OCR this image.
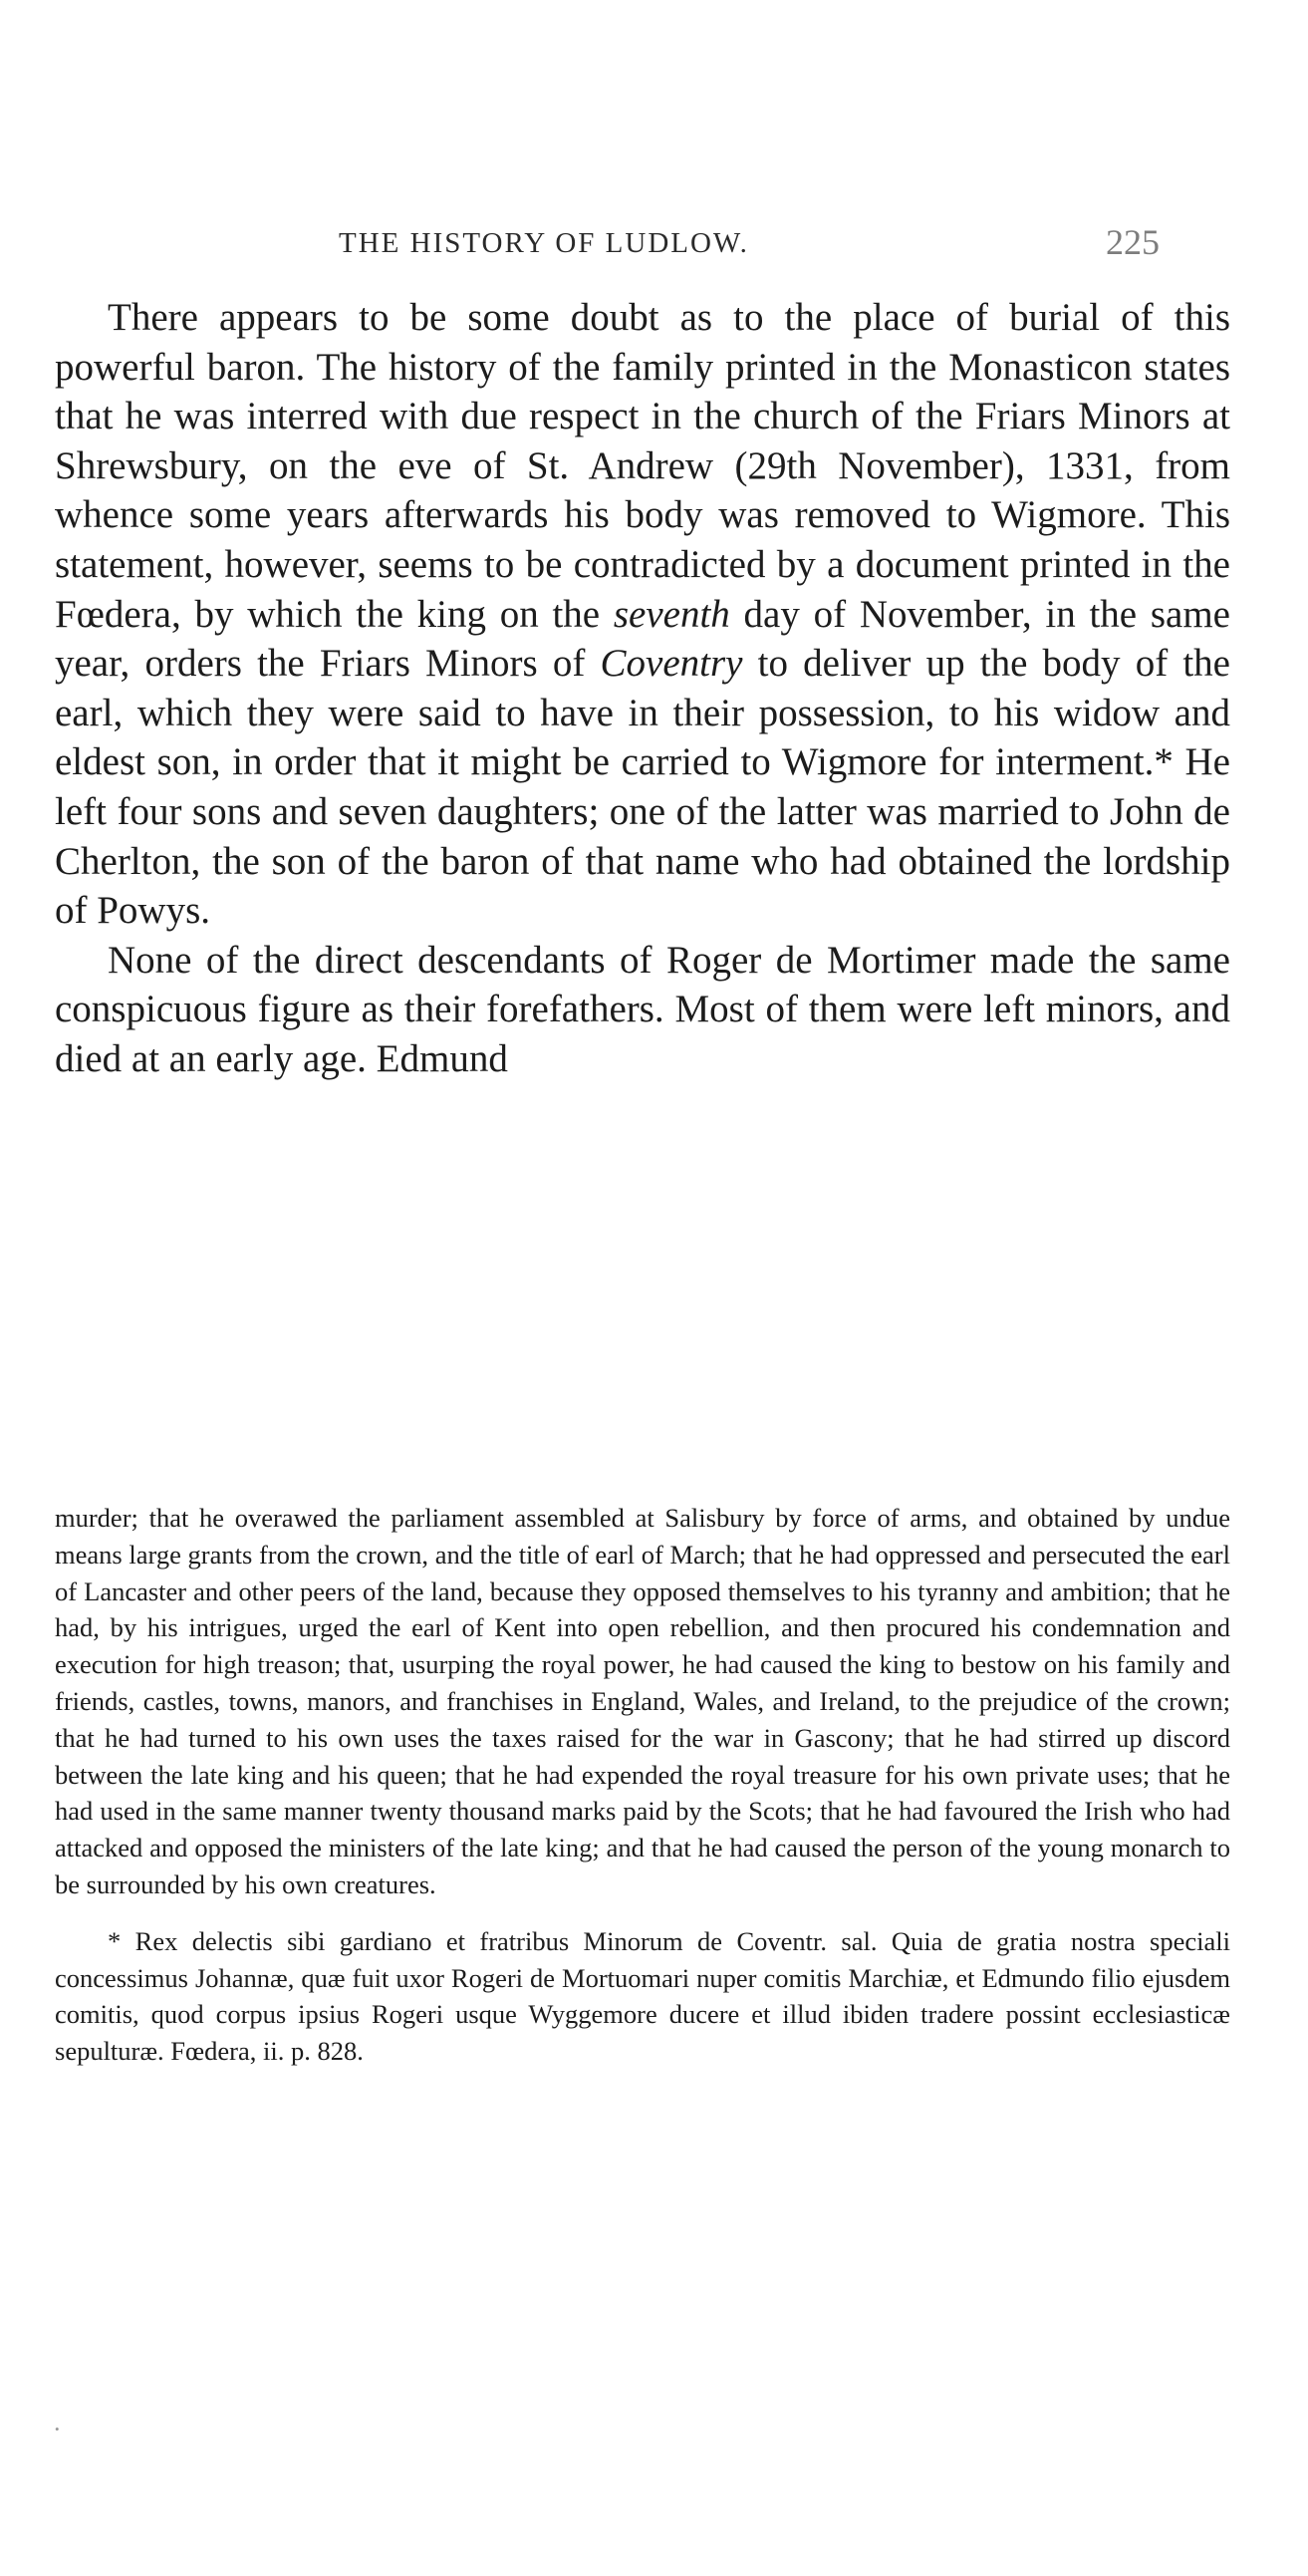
THE HISTORY OF LUDLOW.	225

There appears to be some doubt as to the place of burial of this powerful baron. The history of the family printed in the Monasticon states that he was interred with due respect in the church of the Friars Minors at Shrewsbury, on the eve of St. Andrew (29th November), 1331, from whence some years afterwards his body was removed to Wigmore. This statement, however, seems to be contradicted by a document printed in the Fœdera, by which the king on the seventh day of November, in the same year, orders the Friars Minors of Coventry to deliver up the body of the earl, which they were said to have in their possession, to his widow and eldest son, in order that it might be carried to Wigmore for interment.* He left four sons and seven daughters; one of the latter was married to John de Cherlton, the son of the baron of that name who had obtained the lordship of Powys.

None of the direct descendants of Roger de Mortimer made the same conspicuous figure as their forefathers. Most of them were left minors, and died at an early age. Edmund

murder; that he overawed the parliament assembled at Salisbury by force of arms, and obtained by undue means large grants from the crown, and the title of earl of March; that he had oppressed and persecuted the earl of Lancaster and other peers of the land, because they opposed themselves to his tyranny and ambition; that he had, by his intrigues, urged the earl of Kent into open rebellion, and then procured his condemnation and execution for high treason; that, usurping the royal power, he had caused the king to bestow on his family and friends, castles, towns, manors, and franchises in England, Wales, and Ireland, to the prejudice of the crown; that he had turned to his own uses the taxes raised for the war in Gascony; that he had stirred up discord between the late king and his queen; that he had expended the royal treasure for his own private uses; that he had used in the same manner twenty thousand marks paid by the Scots; that he had favoured the Irish who had attacked and opposed the ministers of the late king; and that he had caused the person of the young monarch to be surrounded by his own creatures.

* Rex delectis sibi gardiano et fratribus Minorum de Coventr. sal. Quia de gratia nostra speciali concessimus Johannæ, quæ fuit uxor Rogeri de Mortuomari nuper comitis Marchiæ, et Edmundo filio ejusdem comitis, quod corpus ipsius Rogeri usque Wyggemore ducere et illud ibiden tradere possint ecclesiasticæ sepulturæ. Fœdera, ii. p. 828.

•
